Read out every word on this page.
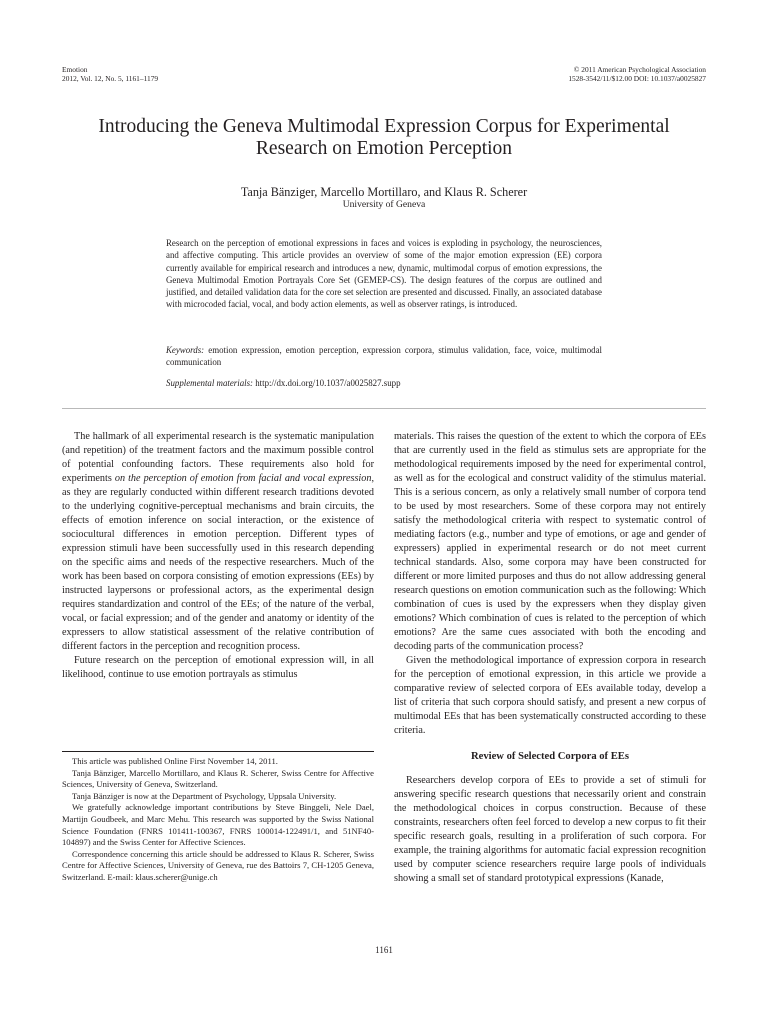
Emotion
2012, Vol. 12, No. 5, 1161–1179
© 2011 American Psychological Association
1528-3542/11/$12.00 DOI: 10.1037/a0025827
Introducing the Geneva Multimodal Expression Corpus for Experimental
Research on Emotion Perception
Tanja Bänziger, Marcello Mortillaro, and Klaus R. Scherer
University of Geneva
Research on the perception of emotional expressions in faces and voices is exploding in psychology, the neurosciences, and affective computing. This article provides an overview of some of the major emotion expression (EE) corpora currently available for empirical research and introduces a new, dynamic, multimodal corpus of emotion expressions, the Geneva Multimodal Emotion Portrayals Core Set (GEMEP-CS). The design features of the corpus are outlined and justified, and detailed validation data for the core set selection are presented and discussed. Finally, an associated database with microcoded facial, vocal, and body action elements, as well as observer ratings, is introduced.
Keywords: emotion expression, emotion perception, expression corpora, stimulus validation, face, voice, multimodal communication
Supplemental materials: http://dx.doi.org/10.1037/a0025827.supp

The hallmark of all experimental research is the systematic manipulation (and repetition) of the treatment factors and the maximum possible control of potential confounding factors. These requirements also hold for experiments on the perception of emotion from facial and vocal expression, as they are regularly conducted within different research traditions devoted to the underlying cognitive-perceptual mechanisms and brain circuits, the effects of emotion inference on social interaction, or the existence of sociocultural differences in emotion perception. Different types of expression stimuli have been successfully used in this research depending on the specific aims and needs of the respective researchers. Much of the work has been based on corpora consisting of emotion expressions (EEs) by instructed laypersons or professional actors, as the experimental design requires standardization and control of the EEs; of the nature of the verbal, vocal, or facial expression; and of the gender and anatomy or identity of the expressers to allow statistical assessment of the relative contribution of different factors in the perception and recognition process.

Future research on the perception of emotional expression will, in all likelihood, continue to use emotion portrayals as stimulus

This article was published Online First November 14, 2011.

Tanja Bänziger, Marcello Mortillaro, and Klaus R. Scherer, Swiss Centre for Affective Sciences, University of Geneva, Switzerland.

Tanja Bänziger is now at the Department of Psychology, Uppsala University.

We gratefully acknowledge important contributions by Steve Binggeli, Nele Dael, Martijn Goudbeek, and Marc Mehu. This research was supported by the Swiss National Science Foundation (FNRS 101411-100367, FNRS 100014-122491/1, and 51NF40-104897) and the Swiss Center for Affective Sciences.

Correspondence concerning this article should be addressed to Klaus R. Scherer, Swiss Centre for Affective Sciences, University of Geneva, rue des Battoirs 7, CH-1205 Geneva, Switzerland. E-mail: klaus.scherer@unige.ch

materials. This raises the question of the extent to which the corpora of EEs that are currently used in the field as stimulus sets are appropriate for the methodological requirements imposed by the need for experimental control, as well as for the ecological and construct validity of the stimulus material. This is a serious concern, as only a relatively small number of corpora tend to be used by most researchers. Some of these corpora may not entirely satisfy the methodological criteria with respect to systematic control of mediating factors (e.g., number and type of emotions, or age and gender of expressers) applied in experimental research or do not meet current technical standards. Also, some corpora may have been constructed for different or more limited purposes and thus do not allow addressing general research questions on emotion communication such as the following: Which combination of cues is used by the expressers when they display given emotions? Which combination of cues is related to the perception of which emotions? Are the same cues associated with both the encoding and decoding parts of the communication process?

Given the methodological importance of expression corpora in research for the perception of emotional expression, in this article we provide a comparative review of selected corpora of EEs available today, develop a list of criteria that such corpora should satisfy, and present a new corpus of multimodal EEs that has been systematically constructed according to these criteria.

Review of Selected Corpora of EEs

Researchers develop corpora of EEs to provide a set of stimuli for answering specific research questions that necessarily orient and constrain the methodological choices in corpus construction. Because of these constraints, researchers often feel forced to develop a new corpus to fit their specific research goals, resulting in a proliferation of such corpora. For example, the training algorithms for automatic facial expression recognition used by computer science researchers require large pools of individuals showing a small set of standard prototypical expressions (Kanade,

1161
